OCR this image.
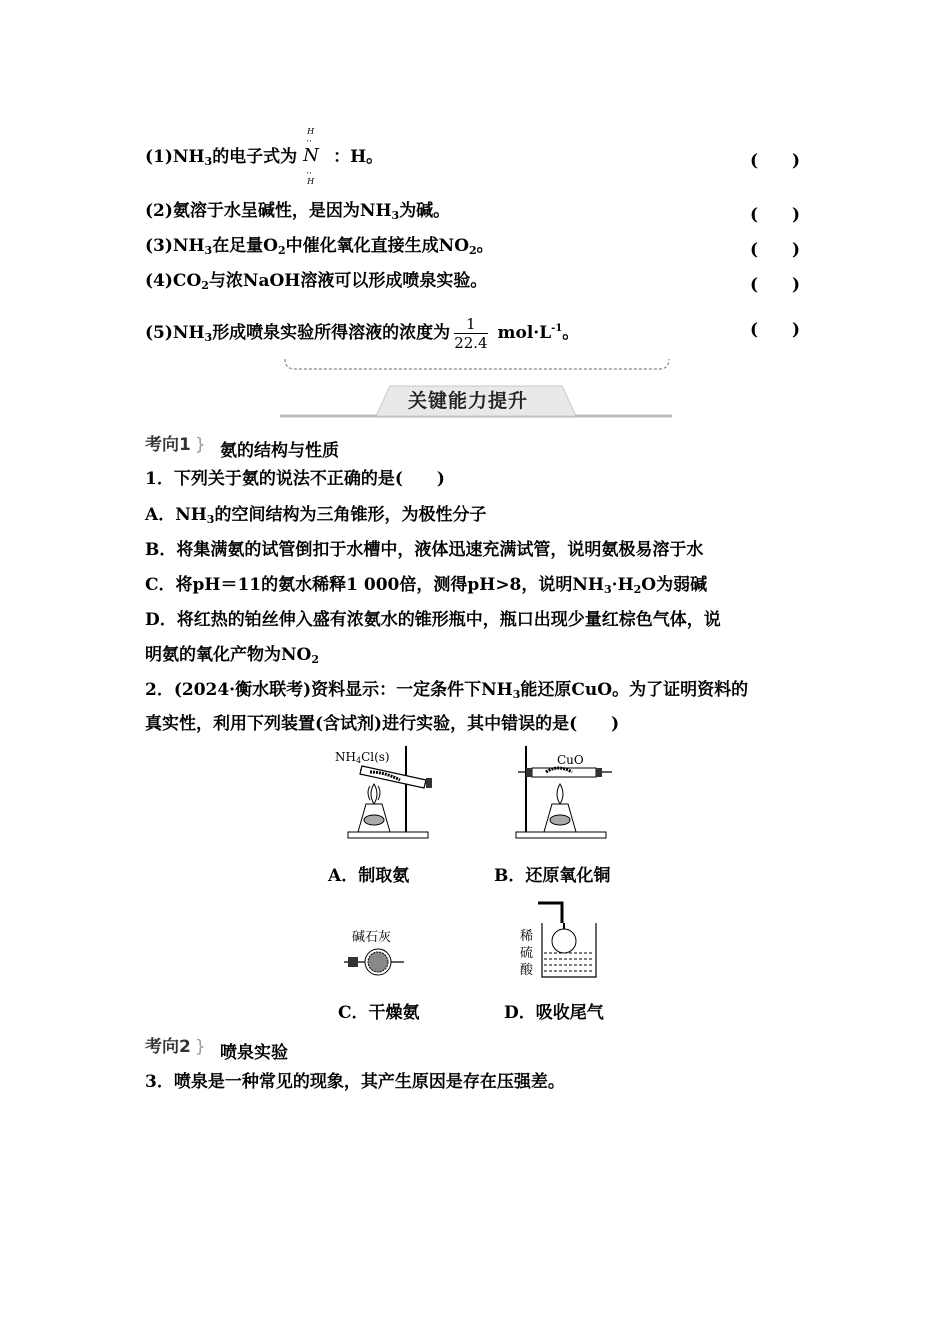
$(1)NH_3$的电子式为
H
··
N
··
H
：H。	(　　)
(2)氨溶于水呈碱性，是因为$NH_3$为碱。	(　　)
$(3)NH_3$在足量$O_2$中催化氧化直接生成$NO_2$。	(　　)
$(4)CO_2$与浓NaOH溶液可以形成喷泉实验。	(　　)
$(5)NH_3$形成喷泉实验所得溶液的浓度为 $\frac{1}{22.4} mol\cdot L^{-1}$。	(　　)
关键能力提升
考向1 } 氨的结构与性质
1．下列关于氨的说法不正确的是(　　)
A．$NH_3$的空间结构为三角锥形，为极性分子
B．将集满氨的试管倒扣于水槽中，液体迅速充满试管，说明氨极易溶于水
C．将pH＝11的氨水稀释1 000倍，测得pH>8，说明$NH_3\cdot H_2O$为弱碱
D．将红热的铂丝伸入盛有浓氨水的锥形瓶中，瓶口出现少量红棕色气体，说
明氨的氧化产物为$NO_2$
2．(2024·衡水联考)资料显示：一定条件下$NH_3$能还原CuO。为了证明资料的
真实性，利用下列装置(含试剂)进行实验，其中错误的是(　　)
NH4Cl(s)	CuO
A．制取氨	B．还原氧化铜
碱石灰	稀
硫
酸
C．干燥氨	D．吸收尾气
考向2 } 喷泉实验
3．喷泉是一种常见的现象，其产生原因是存在压强差。
